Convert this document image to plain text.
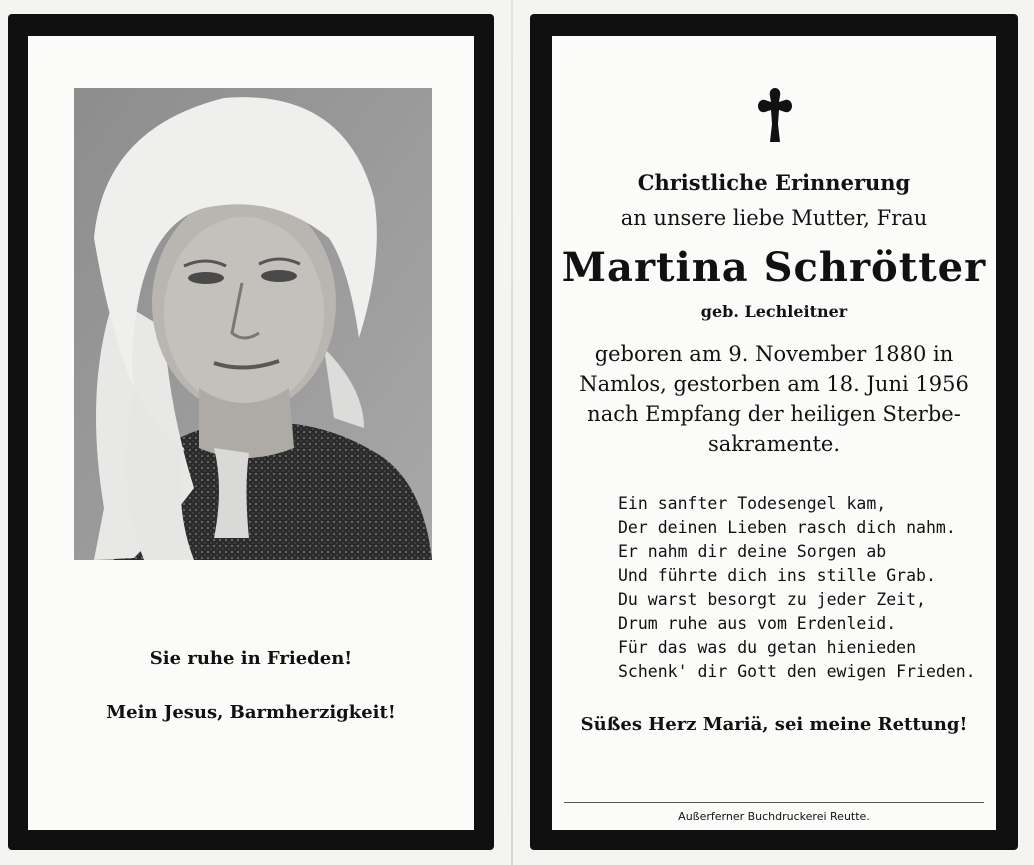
Sie ruhe in Frieden!
Mein Jesus, Barmherzigkeit!
Christliche Erinnerung
an unsere liebe Mutter, Frau
Martina Schrötter
geb. Lechleitner
geboren am 9. November 1880 in
Namlos, gestorben am 18. Juni 1956
nach Empfang der heiligen Sterbe-
sakramente.
Ein sanfter Todesengel kam,
Der deinen Lieben rasch dich nahm.
Er nahm dir deine Sorgen ab
Und führte dich ins stille Grab.
Du warst besorgt zu jeder Zeit,
Drum ruhe aus vom Erdenleid.
Für das was du getan hienieden
Schenk' dir Gott den ewigen Frieden.
Süßes Herz Mariä, sei meine Rettung!
Außerferner Buchdruckerei Reutte.
